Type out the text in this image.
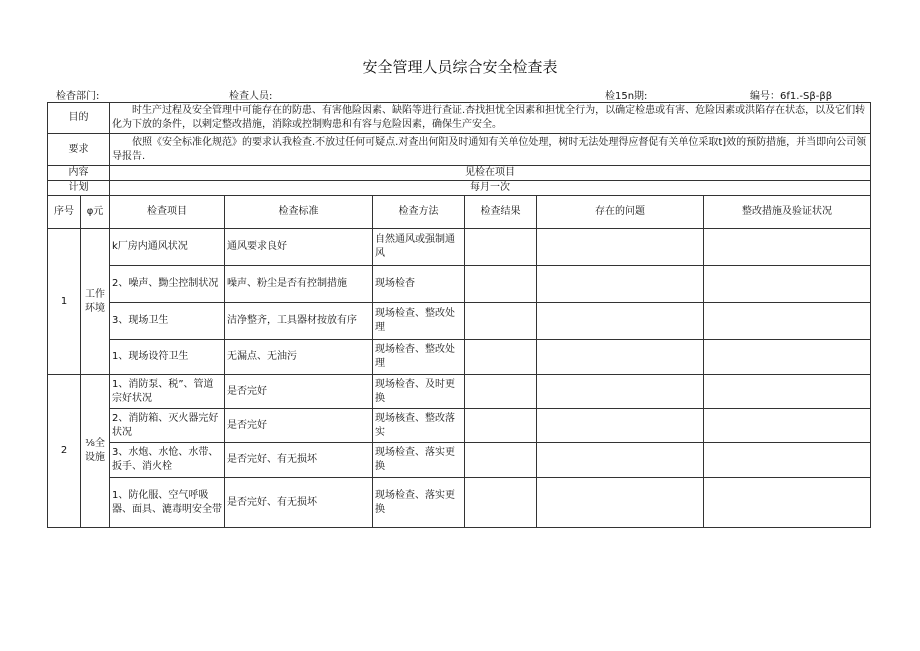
安全管理人员综合安全检查表
检杳部门:	检查人员:	检15n期:	编号：6f1.-Sβ-ββ
目的		时生产过程及安全管理中可能存在的防患、有害他险因素、缺陷等进行查证.杏找担忧全因素和担忧全行为，以确定检患或有害、危险因素或洪陷存在状态，以及它们转化为下放的条件，以剌定整改措施，消除或控制购患和有容与危险因素，确保生产安全。					
要求		依照《安全标准化规范》的要求认我检查.不放过任何可疑点.对查出何阳及时通知有关单位处理，树时无法处理得应督促有关单位采取t]效的预防措施，并当即向公司领导报告.					
内容		见检在项目					
计划		每月一次					
序号	φ元	检查项目	检查标准	检查方法	检查结果	存在的问题	整改措施及验证状况
1	工作环境	k厂房内通风状况	通风要求良好	自然通风或强制通风			
		2、噪声、黝尘控制状况	噪声、粉尘是否有控制措施	现场检杳			
		3、现场卫生	洁净整齐，工具器材按放有序	现场检查、整改处理			
		1、现场设符卫生	无漏点、无油污	现场检杳、整改处理			
2	⅛全设施	1、消防泵、税”、管道宗好状况	是否完好	现场检杳、及时更换			
		2、消防箱、灭火器完好状况	是否完好	现场核查、整改落实			
		3、水炮、水怆、水带、扳手、消火栓	是否完好、有无损坏	现场检查、落实更换			
		1、防化服、空气呼吸器、面具、漉毒明安全带	是否完好、有无损坏	现场检查、落实更换			
